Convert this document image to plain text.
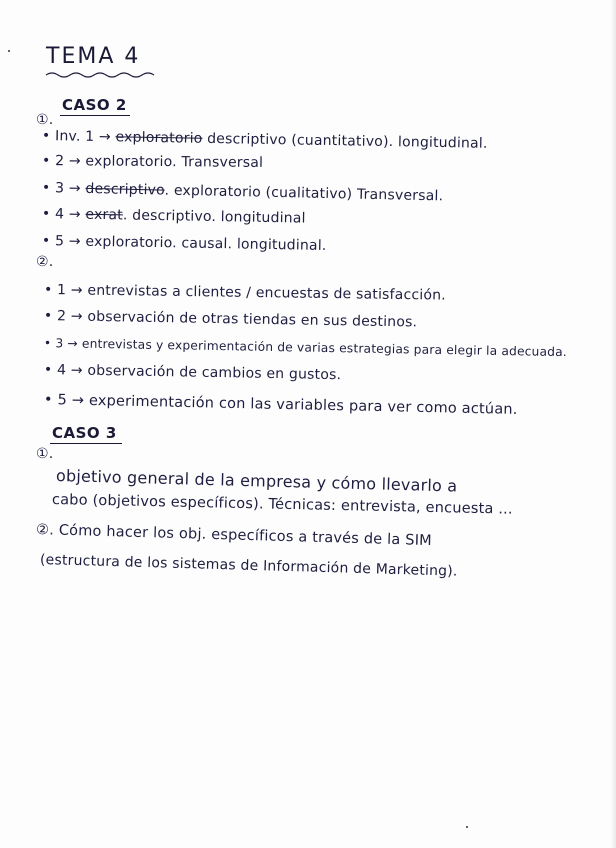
TEMA 4
CASO 2
①.
• Inv. 1 → exploratorio descriptivo (cuantitativo). longitudinal.
• 2 → exploratorio. Transversal
• 3 → descriptivo. exploratorio (cualitativo) Transversal.
• 4 → exrat. descriptivo. longitudinal
• 5 → exploratorio. causal. longitudinal.
②.
• 1 → entrevistas a clientes / encuestas de satisfacción.
• 2 → observación de otras tiendas en sus destinos.
• 3 → entrevistas y experimentación de varias estrategias para elegir la adecuada.
• 4 → observación de cambios en gustos.
• 5 → experimentación con las variables para ver como actúan.
CASO 3
①.
objetivo general de la empresa y cómo llevarlo a
cabo (objetivos específicos). Técnicas: entrevista, encuesta ...
②. Cómo hacer los obj. específicos a través de la SIM
(estructura de los sistemas de Información de Marketing).
